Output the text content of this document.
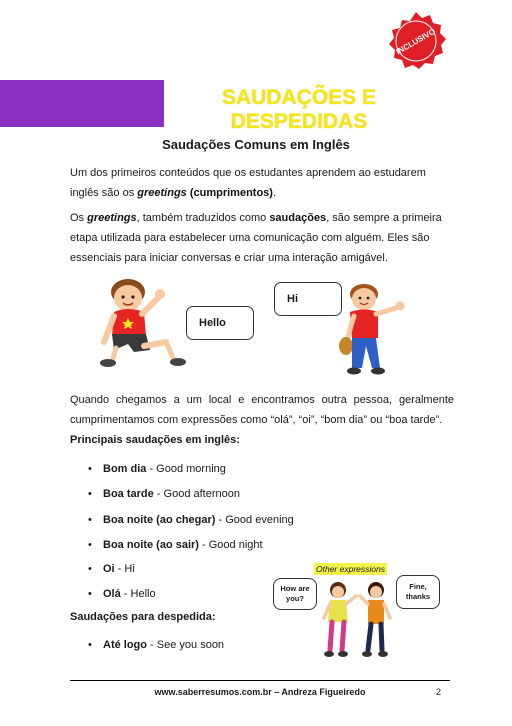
INCLUSIVO
SAUDAÇÕES E DESPEDIDAS
Saudações Comuns em Inglês
Um dos primeiros conteúdos que os estudantes aprendem ao estudarem inglês são os greetings (cumprimentos).
Os greetings, também traduzidos como saudações, são sempre a primeira etapa utilizada para estabelecer uma comunicação com alguém. Eles são essenciais para iniciar conversas e criar uma interação amigável.
Hello
Hi
Quando chegamos a um local e encontramos outra pessoa, geralmente cumprimentamos com expressões como “olá”, “oi”, “bom dia” ou “boa tarde”.
Principais saudações em inglês:
• Bom dia - Good morning
• Boa tarde - Good afternoon
• Boa noite (ao chegar) - Good evening
• Boa noite (ao sair) - Good night
• Oi - Hi
• Olá - Hello
Saudações para despedida:
• Até logo - See you soon
Other expressions
How are you?
Fine, thanks
www.saberresumos.com.br – Andreza Figueiredo	2
